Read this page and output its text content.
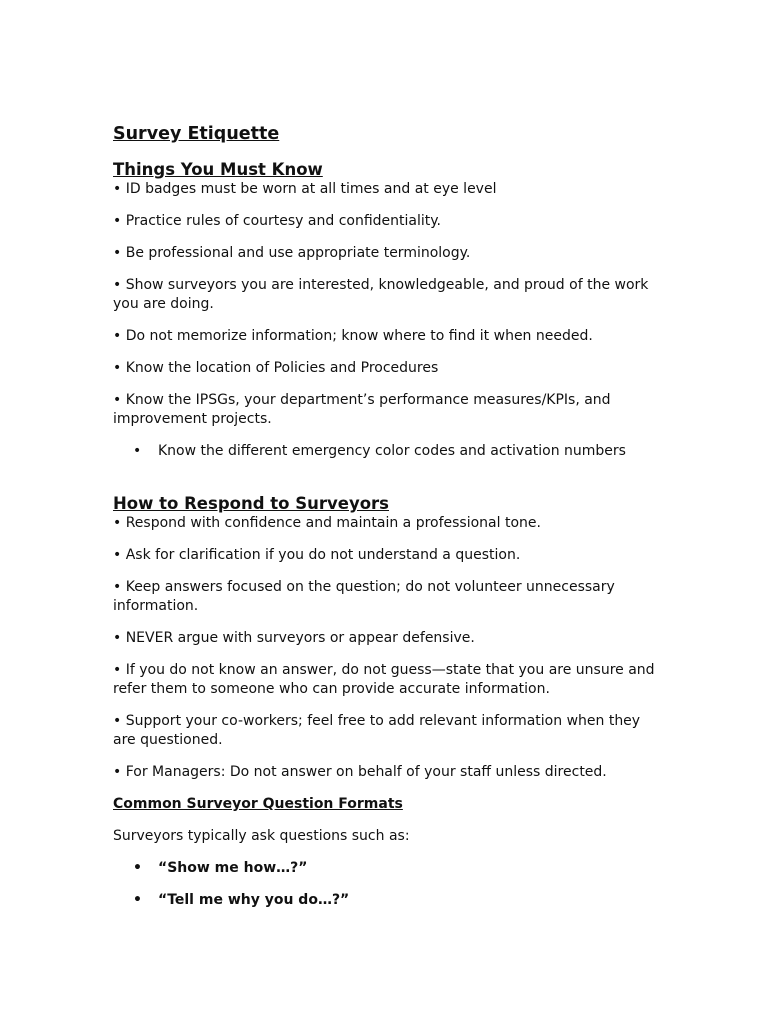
Survey Etiquette
Things You Must Know

• ID badges must be worn at all times and at eye level

• Practice rules of courtesy and confidentiality.

• Be professional and use appropriate terminology.

• Show surveyors you are interested, knowledgeable, and proud of the work you are doing.

• Do not memorize information; know where to find it when needed.

• Know the location of Policies and Procedures

• Know the IPSGs, your department’s performance measures/KPIs, and improvement projects.

• Know the different emergency color codes and activation numbers
How to Respond to Surveyors

• Respond with confidence and maintain a professional tone.

• Ask for clarification if you do not understand a question.

• Keep answers focused on the question; do not volunteer unnecessary information.

• NEVER argue with surveyors or appear defensive.

• If you do not know an answer, do not guess—state that you are unsure and refer them to someone who can provide accurate information.

• Support your co-workers; feel free to add relevant information when they are questioned.

• For Managers: Do not answer on behalf of your staff unless directed.

Common Surveyor Question Formats

Surveyors typically ask questions such as:

• “Show me how…?”
• “Tell me why you do…?”
